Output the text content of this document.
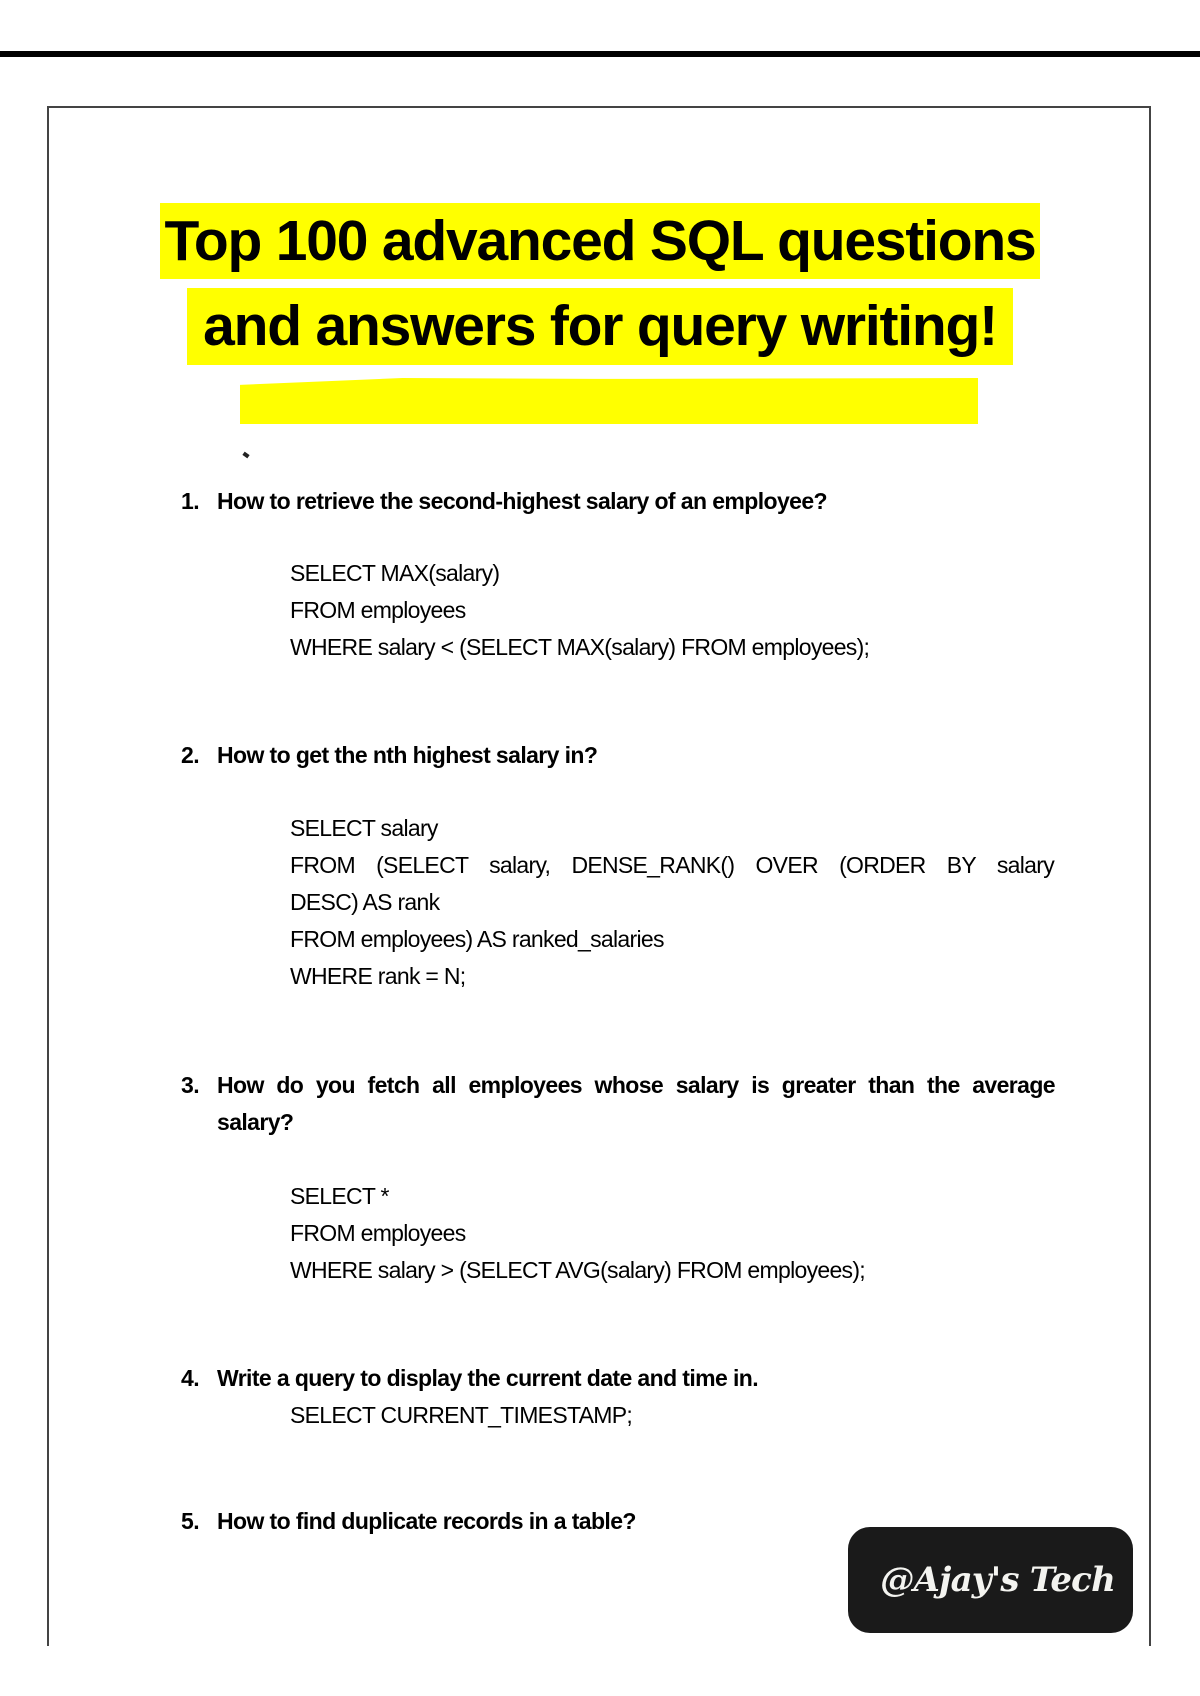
Top 100 advanced SQL questions
and answers for query writing!
1. How to retrieve the second-highest salary of an employee?
SELECT MAX(salary)
FROM employees
WHERE salary < (SELECT MAX(salary) FROM employees);
2. How to get the nth highest salary in?
SELECT salary
FROM (SELECT salary, DENSE_RANK() OVER (ORDER BY salary
DESC) AS rank
FROM employees) AS ranked_salaries
WHERE rank = N;
3. How do you fetch all employees whose salary is greater than the average salary?
SELECT *
FROM employees
WHERE salary > (SELECT AVG(salary) FROM employees);
4. Write a query to display the current date and time in.
SELECT CURRENT_TIMESTAMP;
5. How to find duplicate records in a table?
@Ajay's Tech
